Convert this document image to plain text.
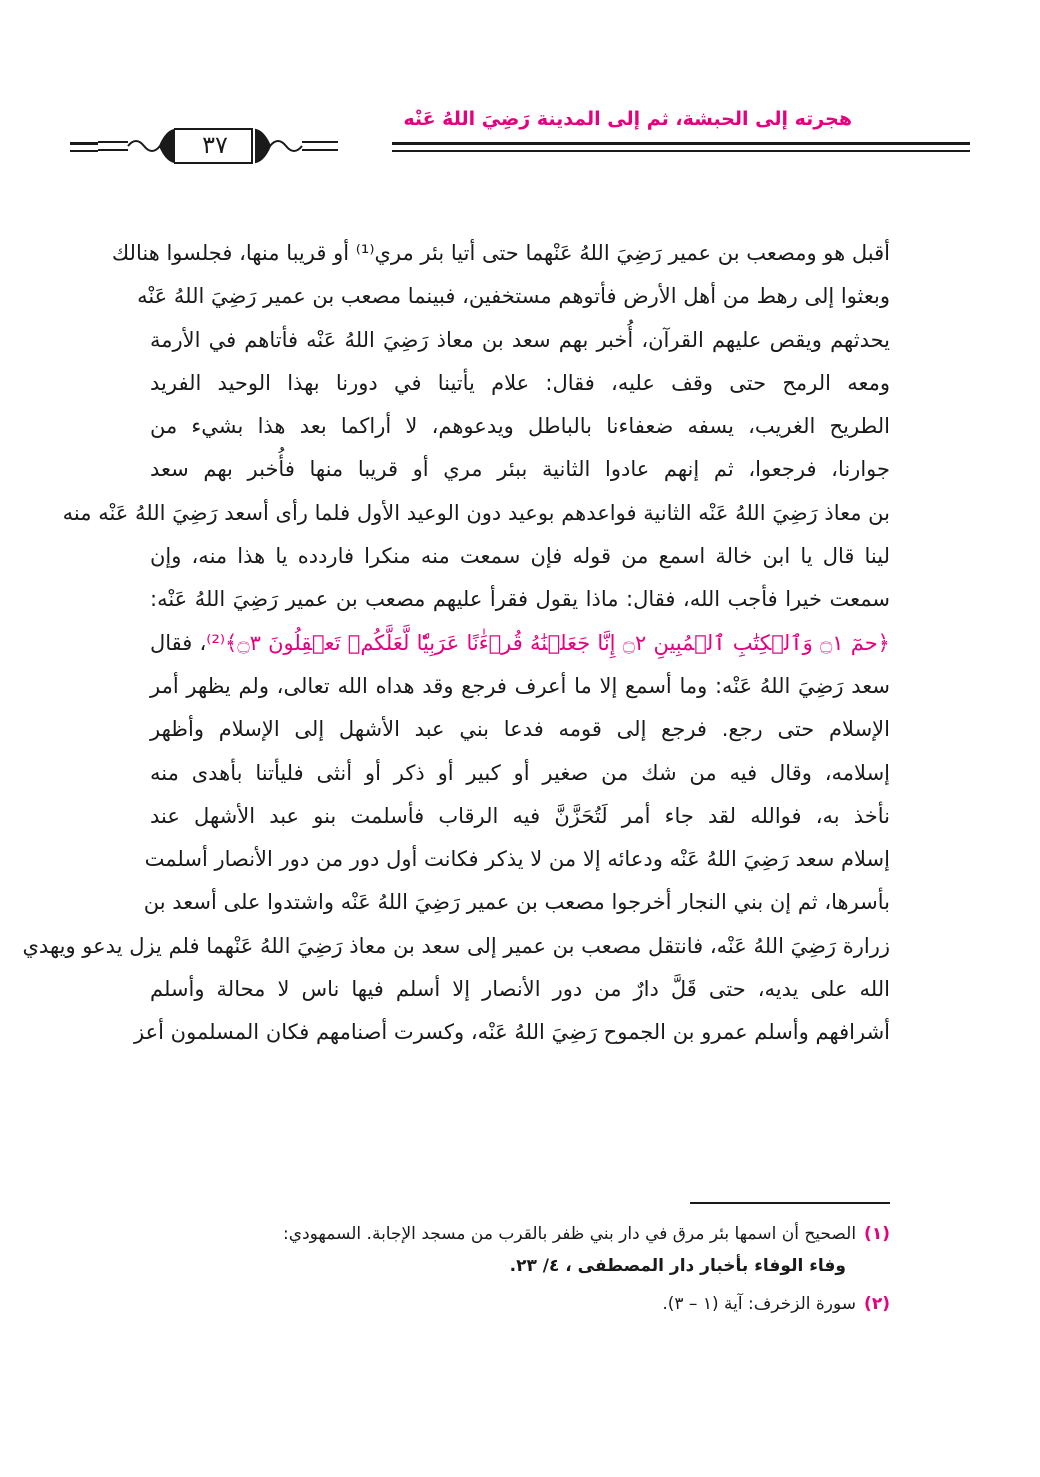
هجرته إلى الحبشة، ثم إلى المدينة رَضِيَ اللهُ عَنْه
٣٧
أقبل هو ومصعب بن عمير رَضِيَ اللهُ عَنْهما حتى أتيا بئر مري⁽¹⁾ أو قريبا منها، فجلسوا هنالك
وبعثوا إلى رهط من أهل الأرض فأتوهم مستخفين، فبينما مصعب بن عمير رَضِيَ اللهُ عَنْه
يحدثهم ويقص عليهم القرآن، أُخبر بهم سعد بن معاذ رَضِيَ اللهُ عَنْه فأتاهم في الأرمة
ومعه الرمح حتى وقف عليه، فقال: علام يأتينا في دورنا بهذا الوحيد الفريد
الطريح الغريب، يسفه ضعفاءنا بالباطل ويدعوهم، لا أراكما بعد هذا بشيء من
جوارنا، فرجعوا، ثم إنهم عادوا الثانية ببئر مري أو قريبا منها فأُخبر بهم سعد
بن معاذ رَضِيَ اللهُ عَنْه الثانية فواعدهم بوعيد دون الوعيد الأول فلما رأى أسعد رَضِيَ اللهُ عَنْه منه
لينا قال يا ابن خالة اسمع من قوله فإن سمعت منه منكرا فاردده يا هذا منه، وإن
سمعت خيرا فأجب الله، فقال: ماذا يقول فقرأ عليهم مصعب بن عمير رَضِيَ اللهُ عَنْه:
﴿حمٓ ۝١ وَٱلۡكِتَٰبِ ٱلۡمُبِينِ ۝٢ إِنَّا جَعَلۡنَٰهُ قُرۡءَٰنًا عَرَبِيّٗا لَّعَلَّكُمۡ تَعۡقِلُونَ ۝٣﴾⁽²⁾، فقال
سعد رَضِيَ اللهُ عَنْه: وما أسمع إلا ما أعرف فرجع وقد هداه الله تعالى، ولم يظهر أمر
الإسلام حتى رجع. فرجع إلى قومه فدعا بني عبد الأشهل إلى الإسلام وأظهر
إسلامه، وقال فيه من شك من صغير أو كبير أو ذكر أو أنثى فليأتنا بأهدى منه
نأخذ به، فوالله لقد جاء أمر لَتُحَزَّنَّ فيه الرقاب فأسلمت بنو عبد الأشهل عند
إسلام سعد رَضِيَ اللهُ عَنْه ودعائه إلا من لا يذكر فكانت أول دور من دور الأنصار أسلمت
بأسرها، ثم إن بني النجار أخرجوا مصعب بن عمير رَضِيَ اللهُ عَنْه واشتدوا على أسعد بن
زرارة رَضِيَ اللهُ عَنْه، فانتقل مصعب بن عمير إلى سعد بن معاذ رَضِيَ اللهُ عَنْهما فلم يزل يدعو ويهدي
الله على يديه، حتى قَلَّ دارٌ من دور الأنصار إلا أسلم فيها ناس لا محالة وأسلم
أشرافهم وأسلم عمرو بن الجموح رَضِيَ اللهُ عَنْه، وكسرت أصنامهم فكان المسلمون أعز
(١)الصحيح أن اسمها بئر مرق في دار بني ظفر بالقرب من مسجد الإجابة. السمهودي:
وفاء الوفاء بأخبار دار المصطفى ، ٤/ ٢٣.
(٢)سورة الزخرف: آية (١ – ٣).
